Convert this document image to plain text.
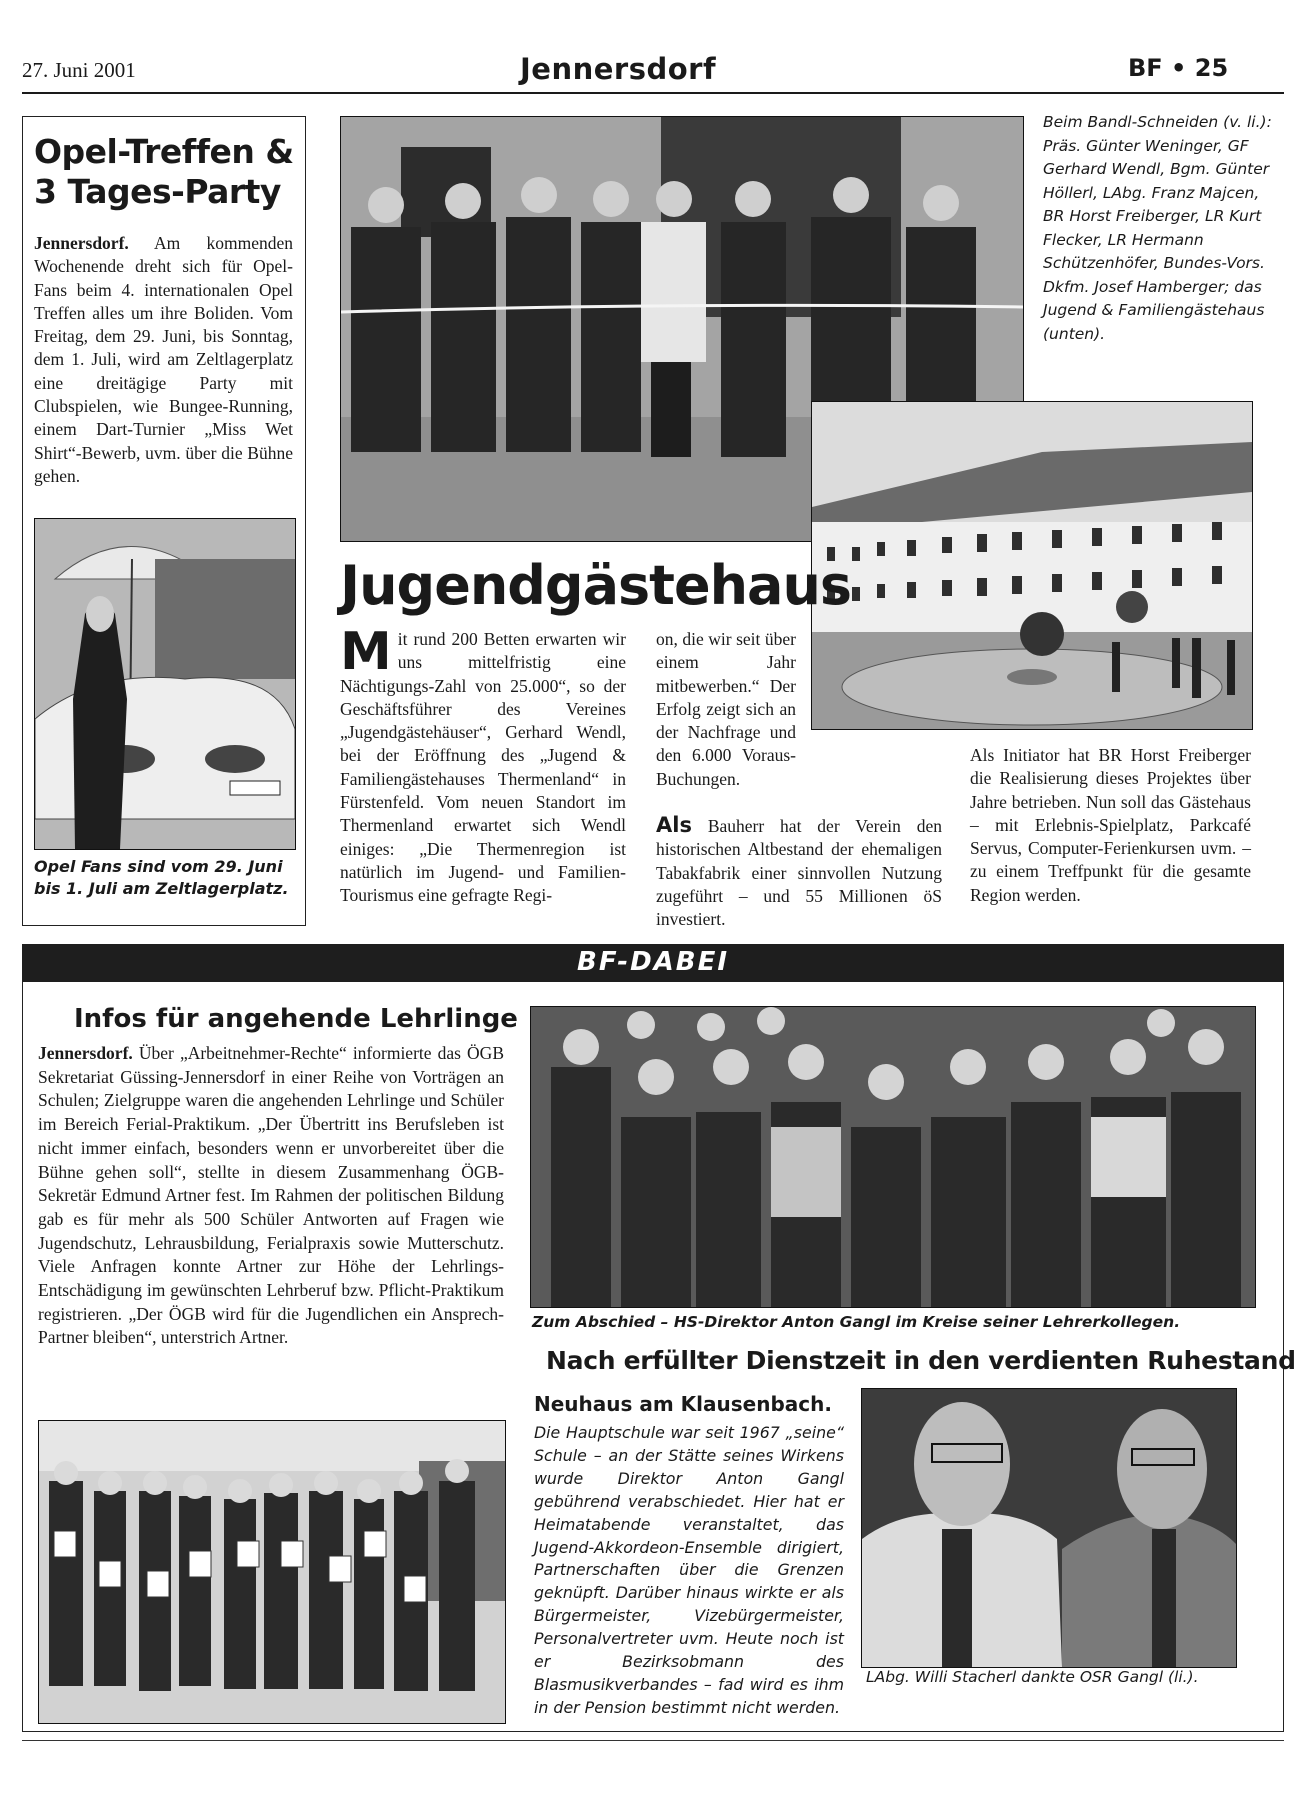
27. Juni 2001	Jennersdorf	BF • 25
Opel-Treffen & 3 Tages-Party
Jennersdorf. Am kommenden Wochenende dreht sich für Opel-Fans beim 4. internationalen Opel Treffen alles um ihre Boliden. Vom Freitag, dem 29. Juni, bis Sonntag, dem 1. Juli, wird am Zeltlagerplatz eine dreitägige Party mit Clubspielen, wie Bungee-Running, einem Dart-Turnier „Miss Wet Shirt“-Bewerb, uvm. über die Bühne gehen.
Opel Fans sind vom 29. Juni bis 1. Juli am Zeltlagerplatz.
Beim Bandl-Schneiden (v. li.): Präs. Günter Weninger, GF Gerhard Wendl, Bgm. Günter Höllerl, LAbg. Franz Majcen, BR Horst Freiberger, LR Kurt Flecker, LR Hermann Schützenhöfer, Bundes-Vors. Dkfm. Josef Hamberger; das Jugend & Familiengästehaus (unten).
Jugendgästehaus
M it rund 200 Betten erwarten wir uns mittelfristig eine Nächtigungs-Zahl von 25.000“, so der Geschäftsführer des Vereines „Jugendgästehäuser“, Gerhard Wendl, bei der Eröffnung des „Jugend & Familiengästehauses Thermenland“ in Fürstenfeld. Vom neuen Standort im Thermenland erwartet sich Wendl einiges: „Die Thermenregion ist natürlich im Jugend- und Familien-Tourismus eine gefragte Regi-
on, die wir seit über einem Jahr mitbewerben.“ Der Erfolg zeigt sich an der Nachfrage und den 6.000 Voraus-Buchungen.
Als Bauherr hat der Verein den historischen Altbestand der ehemaligen Tabakfabrik einer sinnvollen Nutzung zugeführt – und 55 Millionen öS investiert.
Als Initiator hat BR Horst Freiberger die Realisierung dieses Projektes über Jahre betrieben. Nun soll das Gästehaus – mit Erlebnis-Spielplatz, Parkcafé Servus, Computer-Ferienkursen uvm. – zu einem Treffpunkt für die gesamte Region werden.
BF-DABEI
Infos für angehende Lehrlinge
Jennersdorf. Über „Arbeitnehmer-Rechte“ informierte das ÖGB Sekretariat Güssing-Jennersdorf in einer Reihe von Vorträgen an Schulen; Zielgruppe waren die angehenden Lehrlinge und Schüler im Bereich Ferial-Praktikum. „Der Übertritt ins Berufsleben ist nicht immer einfach, besonders wenn er unvorbereitet über die Bühne gehen soll“, stellte in diesem Zusammenhang ÖGB-Sekretär Edmund Artner fest. Im Rahmen der politischen Bildung gab es für mehr als 500 Schüler Antworten auf Fragen wie Jugendschutz, Lehrausbildung, Ferialpraxis sowie Mutterschutz. Viele Anfragen konnte Artner zur Höhe der Lehrlings-Entschädigung im gewünschten Lehrberuf bzw. Pflicht-Praktikum registrieren. „Der ÖGB wird für die Jugendlichen ein Ansprech-Partner bleiben“, unterstrich Artner.
Zum Abschied – HS-Direktor Anton Gangl im Kreise seiner Lehrerkollegen.
Nach erfüllter Dienstzeit in den verdienten Ruhestand
Neuhaus am Klausenbach.
Die Hauptschule war seit 1967 „seine“ Schule – an der Stätte seines Wirkens wurde Direktor Anton Gangl gebührend verabschiedet. Hier hat er Heimatabende veranstaltet, das Jugend-Akkordeon-Ensemble dirigiert, Partnerschaften über die Grenzen geknüpft. Darüber hinaus wirkte er als Bürgermeister, Vizebürgermeister, Personalvertreter uvm. Heute noch ist er Bezirksobmann des Blasmusikverbandes – fad wird es ihm in der Pension bestimmt nicht werden.
LAbg. Willi Stacherl dankte OSR Gangl (li.).
